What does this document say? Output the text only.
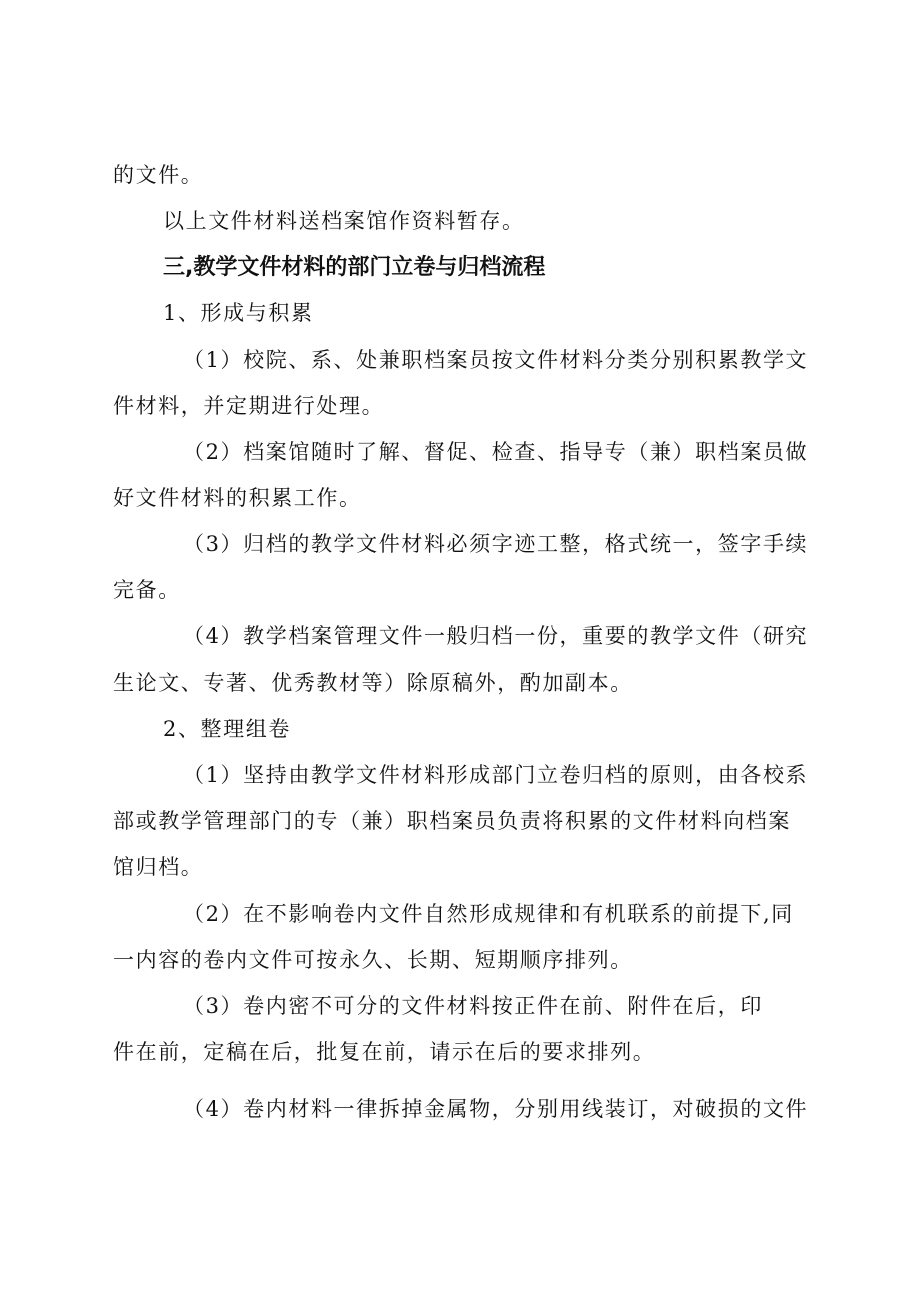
的文件。
以上文件材料送档案馆作资料暂存。
三,教学文件材料的部门立卷与归档流程
1、形成与积累
（1）校院、系、处兼职档案员按文件材料分类分别积累教学文
件材料，并定期进行处理。
（2）档案馆随时了解、督促、检查、指导专（兼）职档案员做
好文件材料的积累工作。
（3）归档的教学文件材料必须字迹工整，格式统一，签字手续
完备。
（4）教学档案管理文件一般归档一份，重要的教学文件（研究
生论文、专著、优秀教材等）除原稿外，酌加副本。
2、整理组卷
（1）坚持由教学文件材料形成部门立卷归档的原则，由各校系
部或教学管理部门的专（兼）职档案员负责将积累的文件材料向档案
馆归档。
（2）在不影响卷内文件自然形成规律和有机联系的前提下,同
一内容的卷内文件可按永久、长期、短期顺序排列。
（3）卷内密不可分的文件材料按正件在前、附件在后，印
件在前，定稿在后，批复在前，请示在后的要求排列。
（4）卷内材料一律拆掉金属物，分别用线装订，对破损的文件
